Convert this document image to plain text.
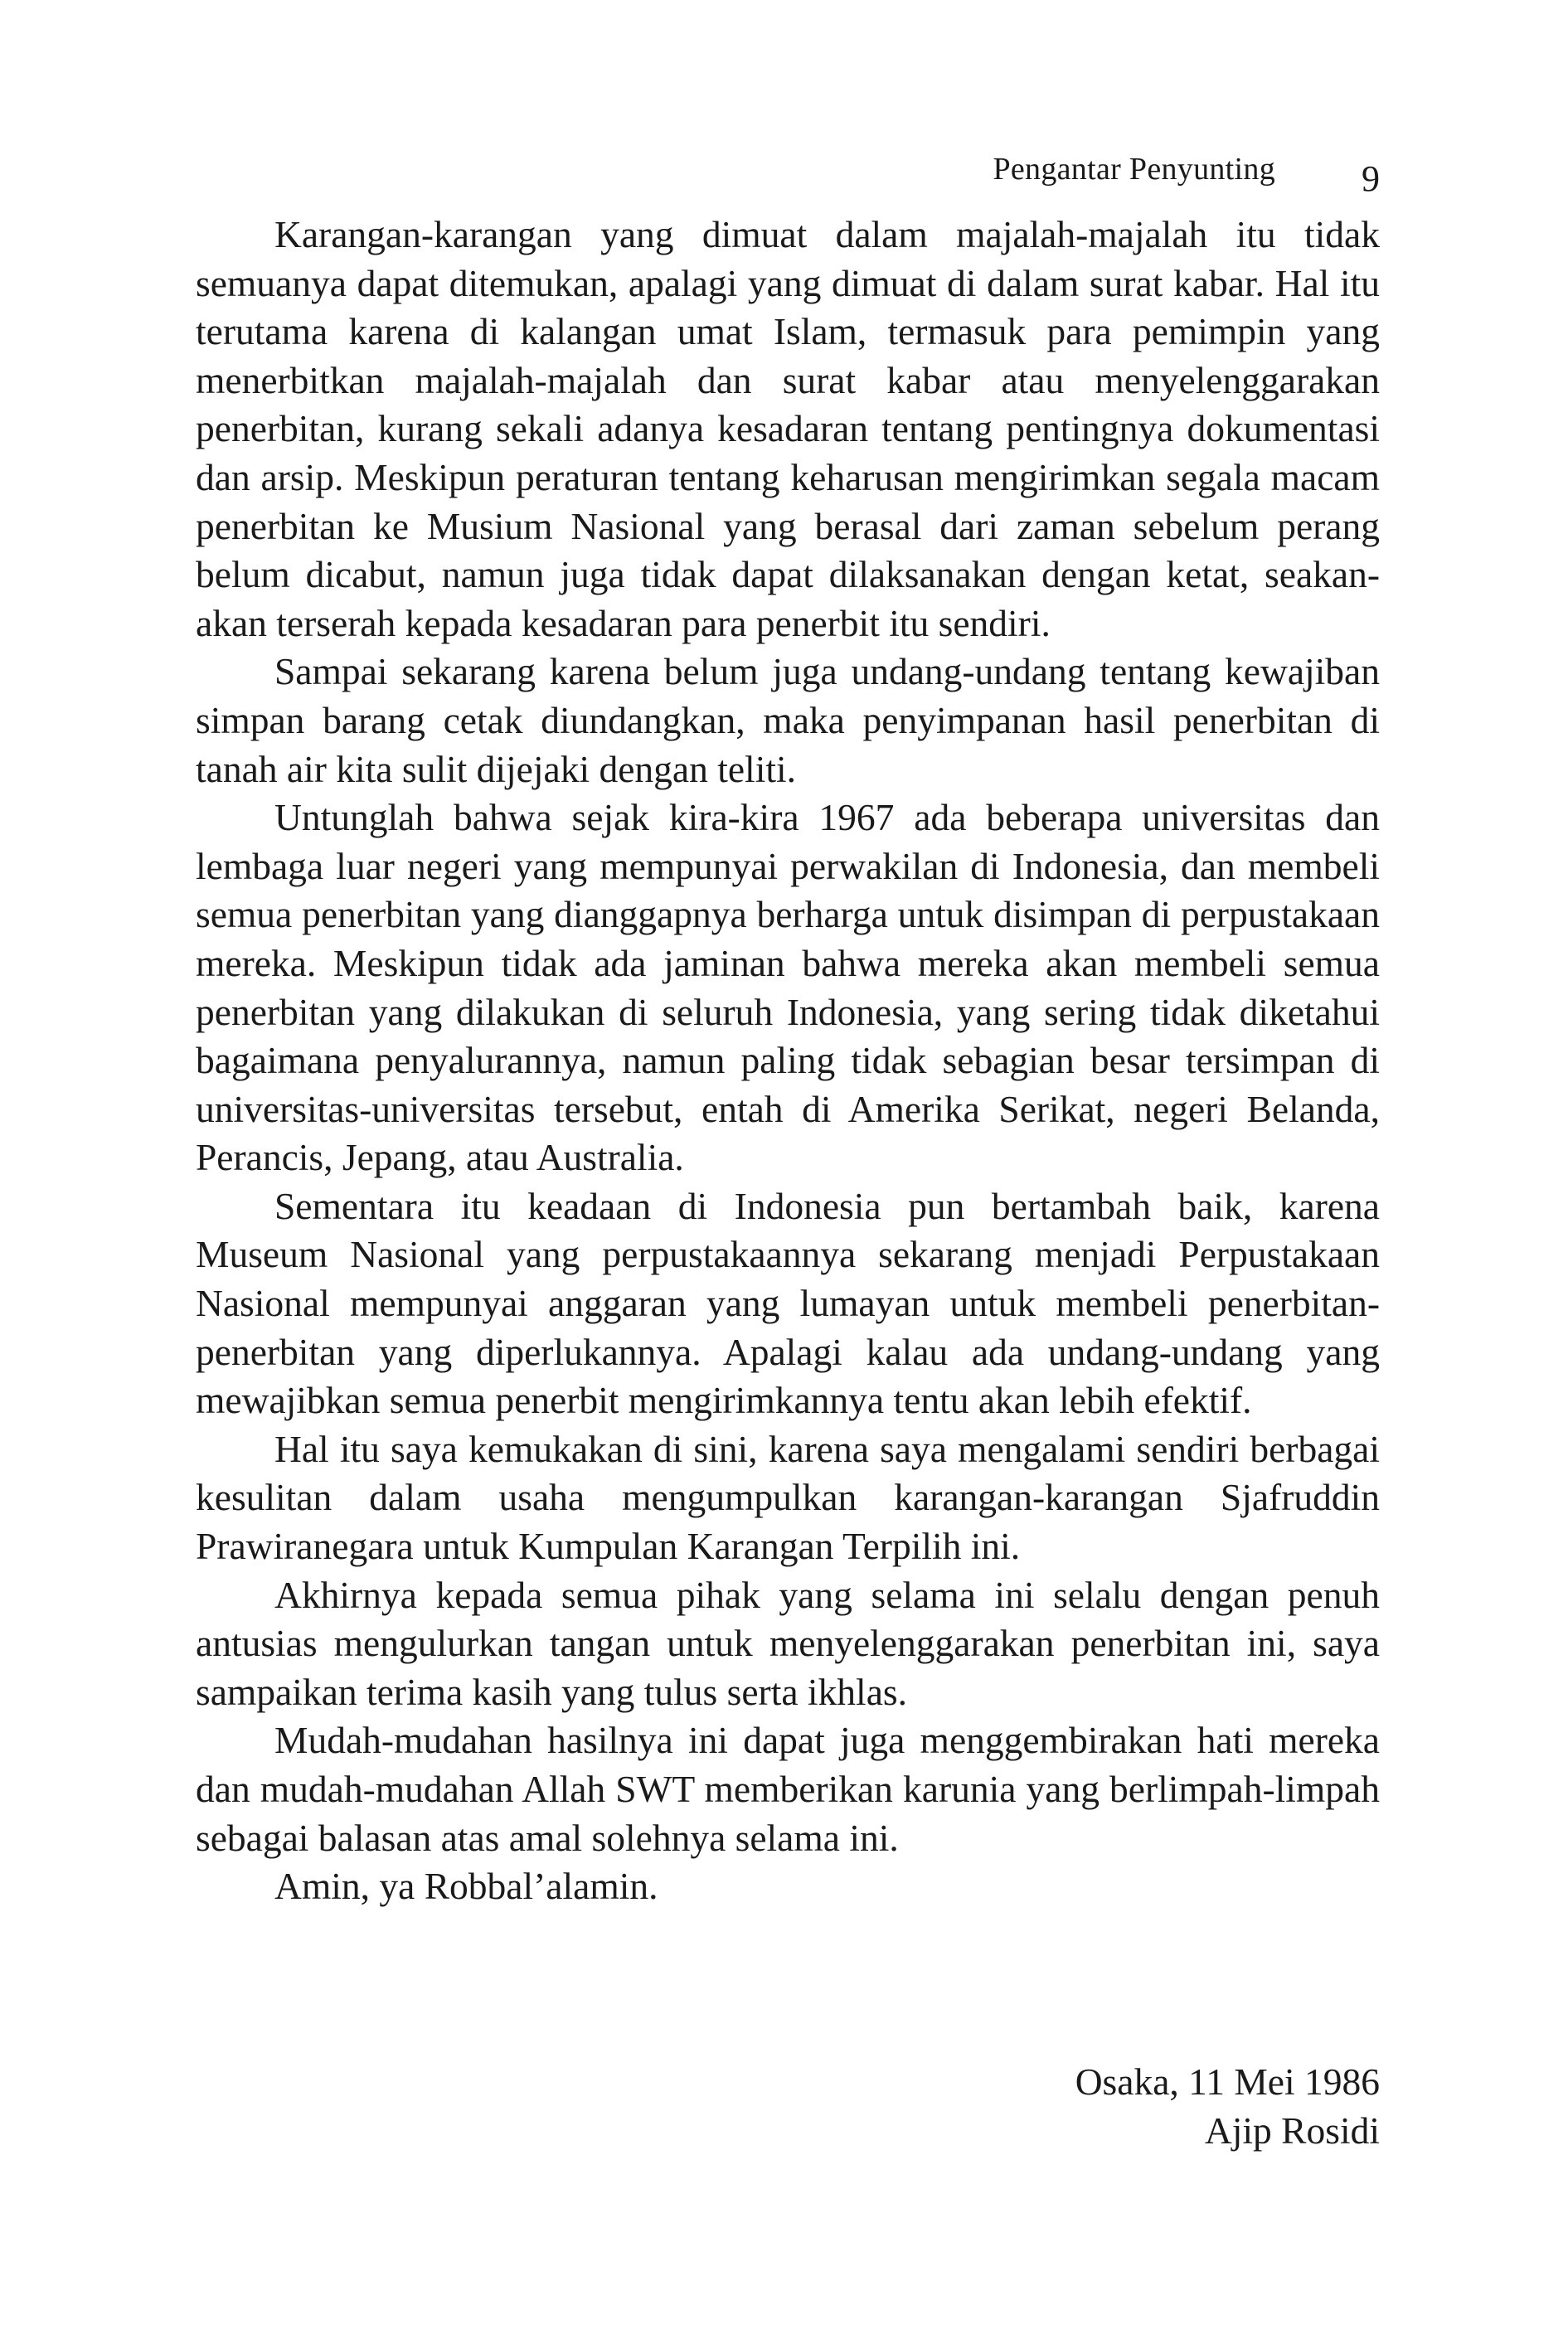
Pengantar Penyunting 9

Karangan-karangan yang dimuat dalam majalah-majalah itu tidak semuanya dapat ditemukan, apalagi yang dimuat di dalam surat kabar. Hal itu terutama karena di kalangan umat Islam, termasuk para pemimpin yang menerbitkan majalah-majalah dan surat kabar atau menyelenggarakan penerbitan, kurang sekali adanya kesadaran tentang pentingnya dokumentasi dan arsip. Meskipun peraturan tentang keharusan mengirimkan segala macam penerbitan ke Musium Nasional yang berasal dari zaman sebelum perang belum dicabut, namun juga tidak dapat dilaksanakan dengan ketat, seakan-akan terserah kepada kesadaran para penerbit itu sendiri.

Sampai sekarang karena belum juga undang-undang tentang kewajiban simpan barang cetak diundangkan, maka penyimpanan hasil penerbitan di tanah air kita sulit dijejaki dengan teliti.

Untunglah bahwa sejak kira-kira 1967 ada beberapa universitas dan lembaga luar negeri yang mempunyai perwakilan di Indonesia, dan membeli semua penerbitan yang dianggapnya berharga untuk disimpan di perpustakaan mereka. Meskipun tidak ada jaminan bahwa mereka akan membeli semua penerbitan yang dilakukan di seluruh Indonesia, yang sering tidak diketahui bagaimana penyalurannya, namun paling tidak sebagian besar tersimpan di universitas-universitas tersebut, entah di Amerika Serikat, negeri Belanda, Perancis, Jepang, atau Australia.

Sementara itu keadaan di Indonesia pun bertambah baik, karena Museum Nasional yang perpustakaannya sekarang menjadi Perpustakaan Nasional mempunyai anggaran yang lumayan untuk membeli penerbitan-penerbitan yang diperlukannya. Apalagi kalau ada undang-undang yang mewajibkan semua penerbit mengirimkannya tentu akan lebih efektif.

Hal itu saya kemukakan di sini, karena saya mengalami sendiri berbagai kesulitan dalam usaha mengumpulkan karangan-karangan Sjafruddin Prawiranegara untuk Kumpulan Karangan Terpilih ini.

Akhirnya kepada semua pihak yang selama ini selalu dengan penuh antusias mengulurkan tangan untuk menyelenggarakan penerbitan ini, saya sampaikan terima kasih yang tulus serta ikhlas.

Mudah-mudahan hasilnya ini dapat juga menggembirakan hati mereka dan mudah-mudahan Allah SWT memberikan karunia yang berlimpah-limpah sebagai balasan atas amal solehnya selama ini.

Amin, ya Robbal’alamin.

Osaka, 11 Mei 1986
Ajip Rosidi
